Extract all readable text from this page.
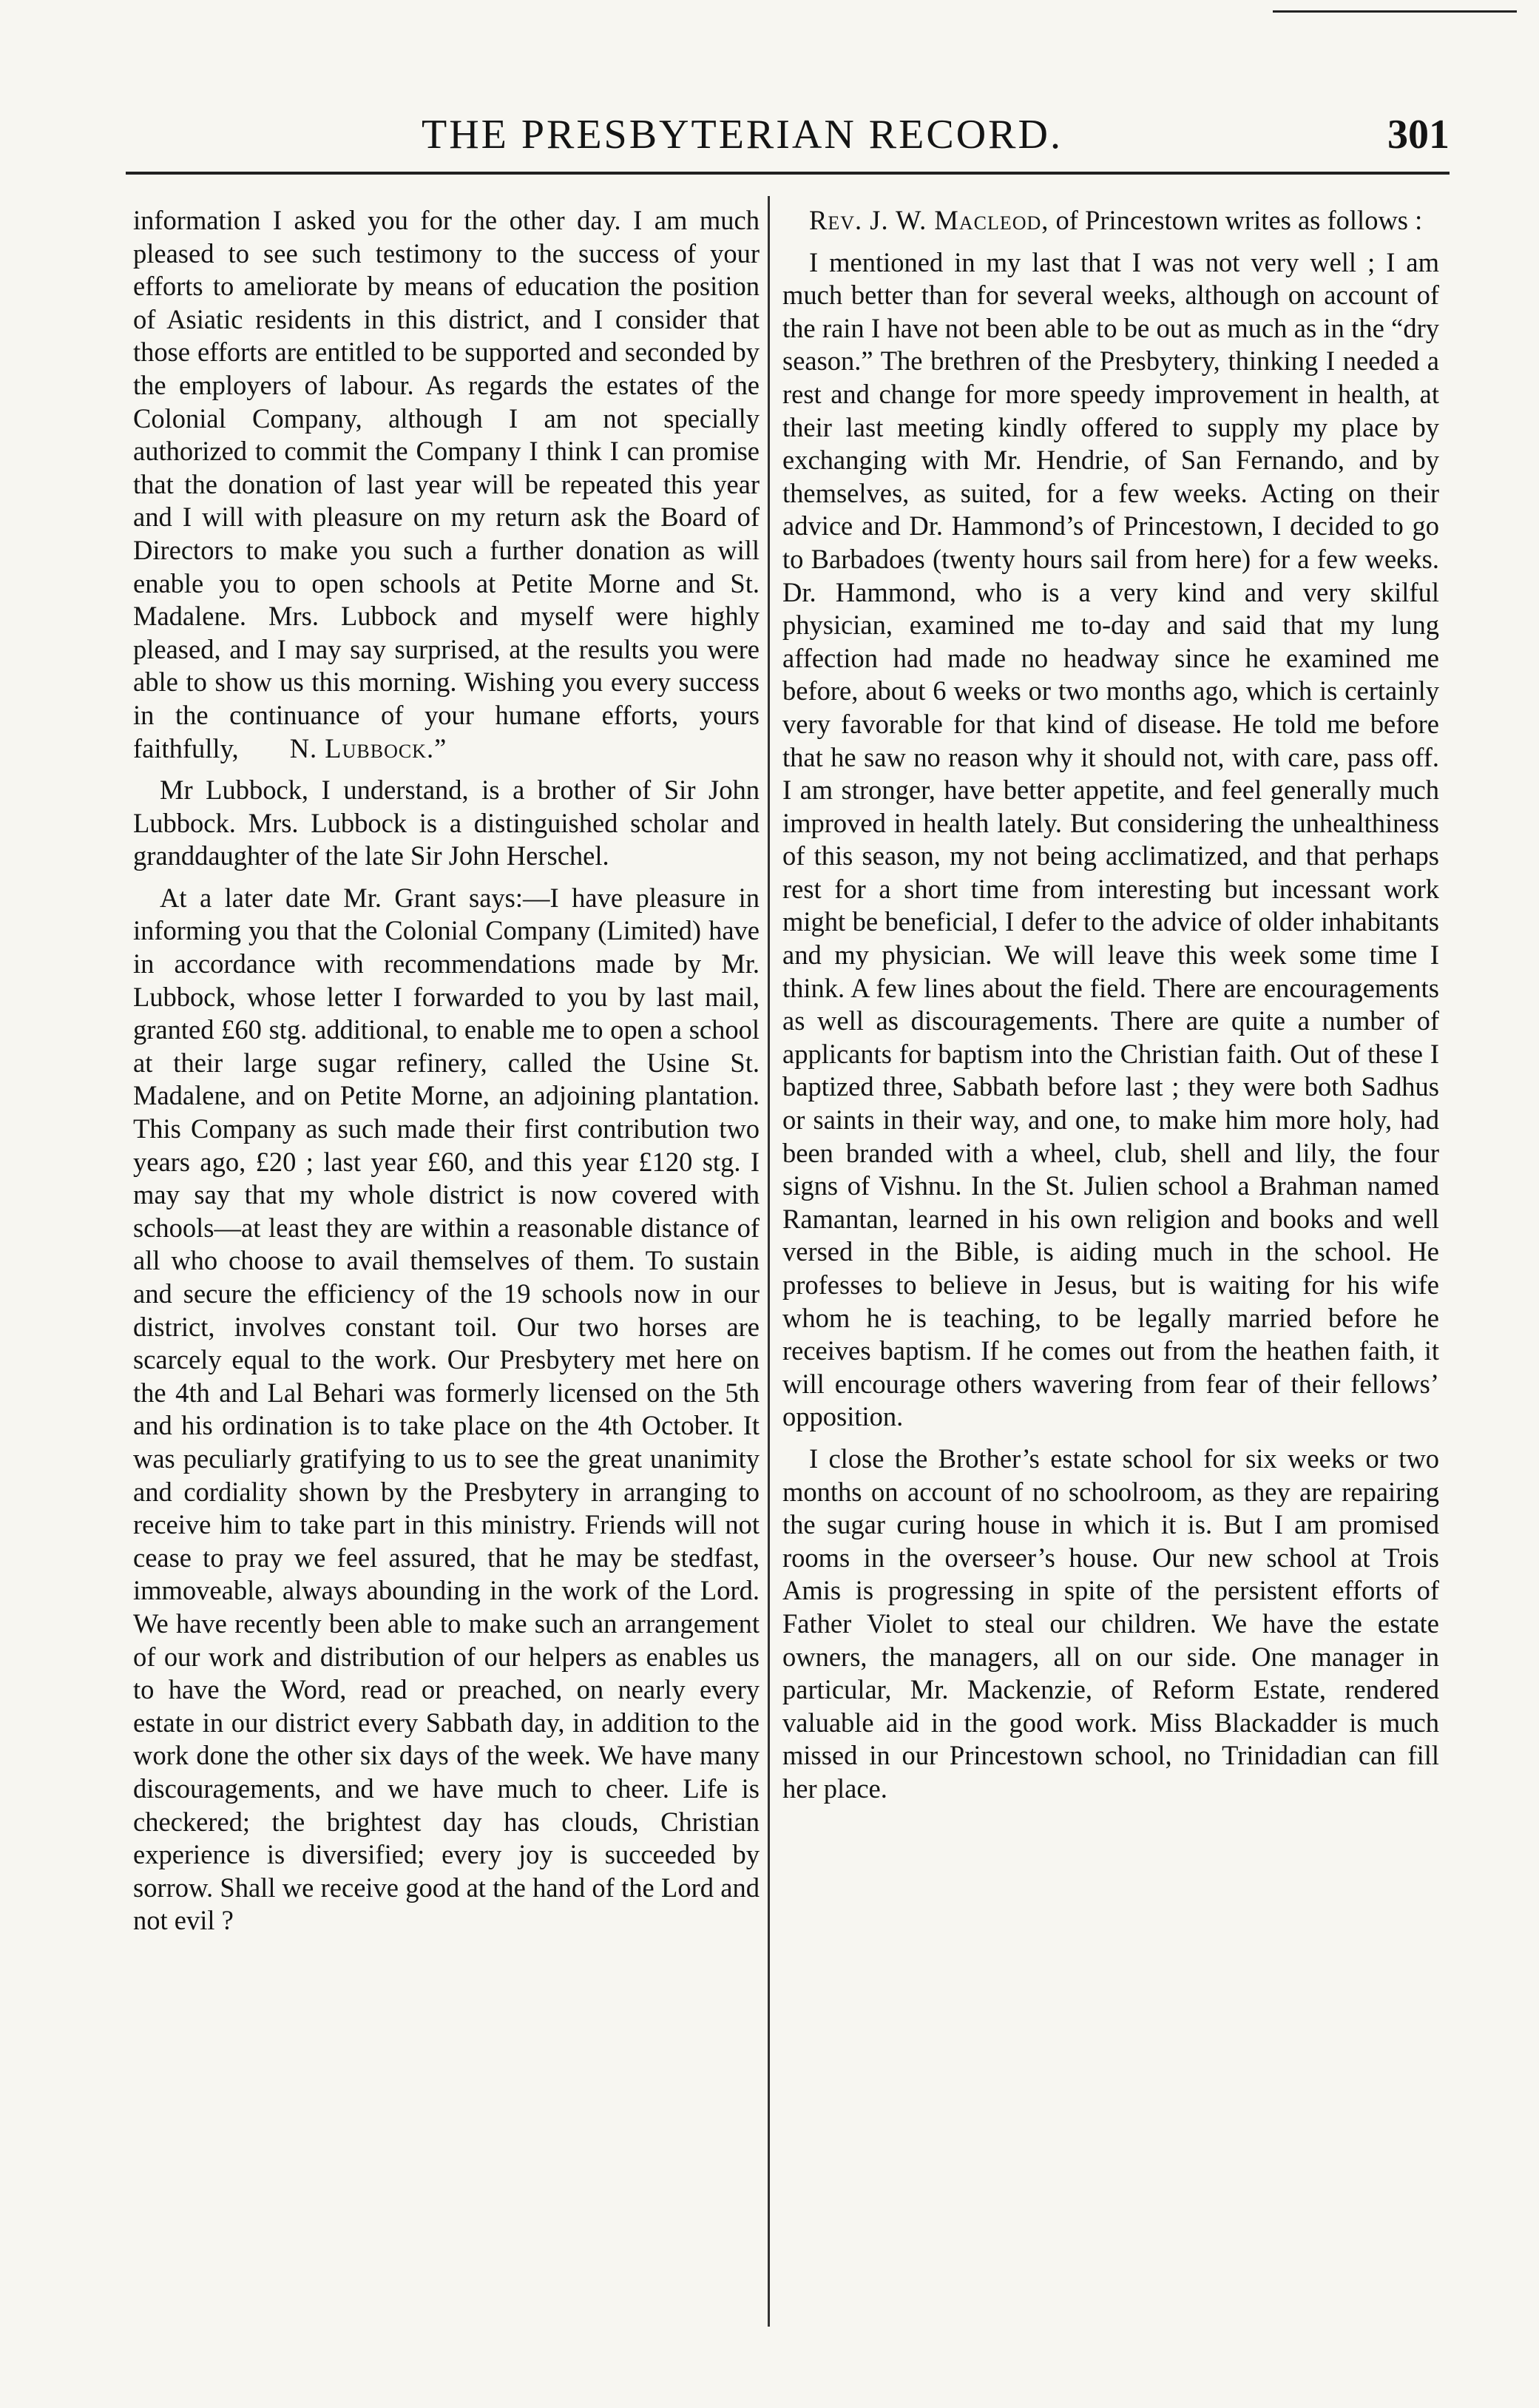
THE PRESBYTERIAN RECORD.	301

information I asked you for the other day. I am much pleased to see such testimony to the success of your efforts to ameliorate by means of education the position of Asiatic residents in this district, and I consider that those efforts are entitled to be supported and seconded by the employers of labour. As regards the estates of the Colonial Company, although I am not specially authorized to commit the Company I think I can promise that the donation of last year will be repeated this year and I will with pleasure on my return ask the Board of Directors to make you such a further donation as will enable you to open schools at Petite Morne and St. Madalene. Mrs. Lubbock and myself were highly pleased, and I may say surprised, at the results you were able to show us this morning. Wishing you every success in the continuance of your humane efforts, yours faithfully, N. Lubbock.”

Mr Lubbock, I understand, is a brother of Sir John Lubbock. Mrs. Lubbock is a distinguished scholar and granddaughter of the late Sir John Herschel.

At a later date Mr. Grant says:—I have pleasure in informing you that the Colonial Company (Limited) have in accordance with recommendations made by Mr. Lubbock, whose letter I forwarded to you by last mail, granted £60 stg. additional, to enable me to open a school at their large sugar refinery, called the Usine St. Madalene, and on Petite Morne, an adjoining plantation. This Company as such made their first contribution two years ago, £20 ; last year £60, and this year £120 stg. I may say that my whole district is now covered with schools—at least they are within a reasonable distance of all who choose to avail themselves of them. To sustain and secure the efficiency of the 19 schools now in our district, involves constant toil. Our two horses are scarcely equal to the work. Our Presbytery met here on the 4th and Lal Behari was formerly licensed on the 5th and his ordination is to take place on the 4th October. It was peculiarly gratifying to us to see the great unanimity and cordiality shown by the Presbytery in arranging to receive him to take part in this ministry. Friends will not cease to pray we feel assured, that he may be stedfast, immoveable, always abounding in the work of the Lord. We have recently been able to make such an arrangement of our work and distribution of our helpers as enables us to have the Word, read or preached, on nearly every estate in our district every Sabbath day, in addition to the work done the other six days of the week. We have many discouragements, and we have much to cheer. Life is checkered; the brightest day has clouds, Christian experience is diversified; every joy is succeeded by sorrow. Shall we receive good at the hand of the Lord and not evil ?

Rev. J. W. Macleod, of Princestown writes as follows :

I mentioned in my last that I was not very well ; I am much better than for several weeks, although on account of the rain I have not been able to be out as much as in the “dry season.” The brethren of the Presbytery, thinking I needed a rest and change for more speedy improvement in health, at their last meeting kindly offered to supply my place by exchanging with Mr. Hendrie, of San Fernando, and by themselves, as suited, for a few weeks. Acting on their advice and Dr. Hammond’s of Princestown, I decided to go to Barbadoes (twenty hours sail from here) for a few weeks. Dr. Hammond, who is a very kind and very skilful physician, examined me to-day and said that my lung affection had made no headway since he examined me before, about 6 weeks or two months ago, which is certainly very favorable for that kind of disease. He told me before that he saw no reason why it should not, with care, pass off. I am stronger, have better appetite, and feel generally much improved in health lately. But considering the unhealthiness of this season, my not being acclimatized, and that perhaps rest for a short time from interesting but incessant work might be beneficial, I defer to the advice of older inhabitants and my physician. We will leave this week some time I think. A few lines about the field. There are encouragements as well as discouragements. There are quite a number of applicants for baptism into the Christian faith. Out of these I baptized three, Sabbath before last ; they were both Sadhus or saints in their way, and one, to make him more holy, had been branded with a wheel, club, shell and lily, the four signs of Vishnu. In the St. Julien school a Brahman named Ramantan, learned in his own religion and books and well versed in the Bible, is aiding much in the school. He professes to believe in Jesus, but is waiting for his wife whom he is teaching, to be legally married before he receives baptism. If he comes out from the heathen faith, it will encourage others wavering from fear of their fellows’ opposition.

I close the Brother’s estate school for six weeks or two months on account of no schoolroom, as they are repairing the sugar curing house in which it is. But I am promised rooms in the overseer’s house. Our new school at Trois Amis is progressing in spite of the persistent efforts of Father Violet to steal our children. We have the estate owners, the managers, all on our side. One manager in particular, Mr. Mackenzie, of Reform Estate, rendered valuable aid in the good work. Miss Blackadder is much missed in our Princestown school, no Trinidadian can fill her place.
